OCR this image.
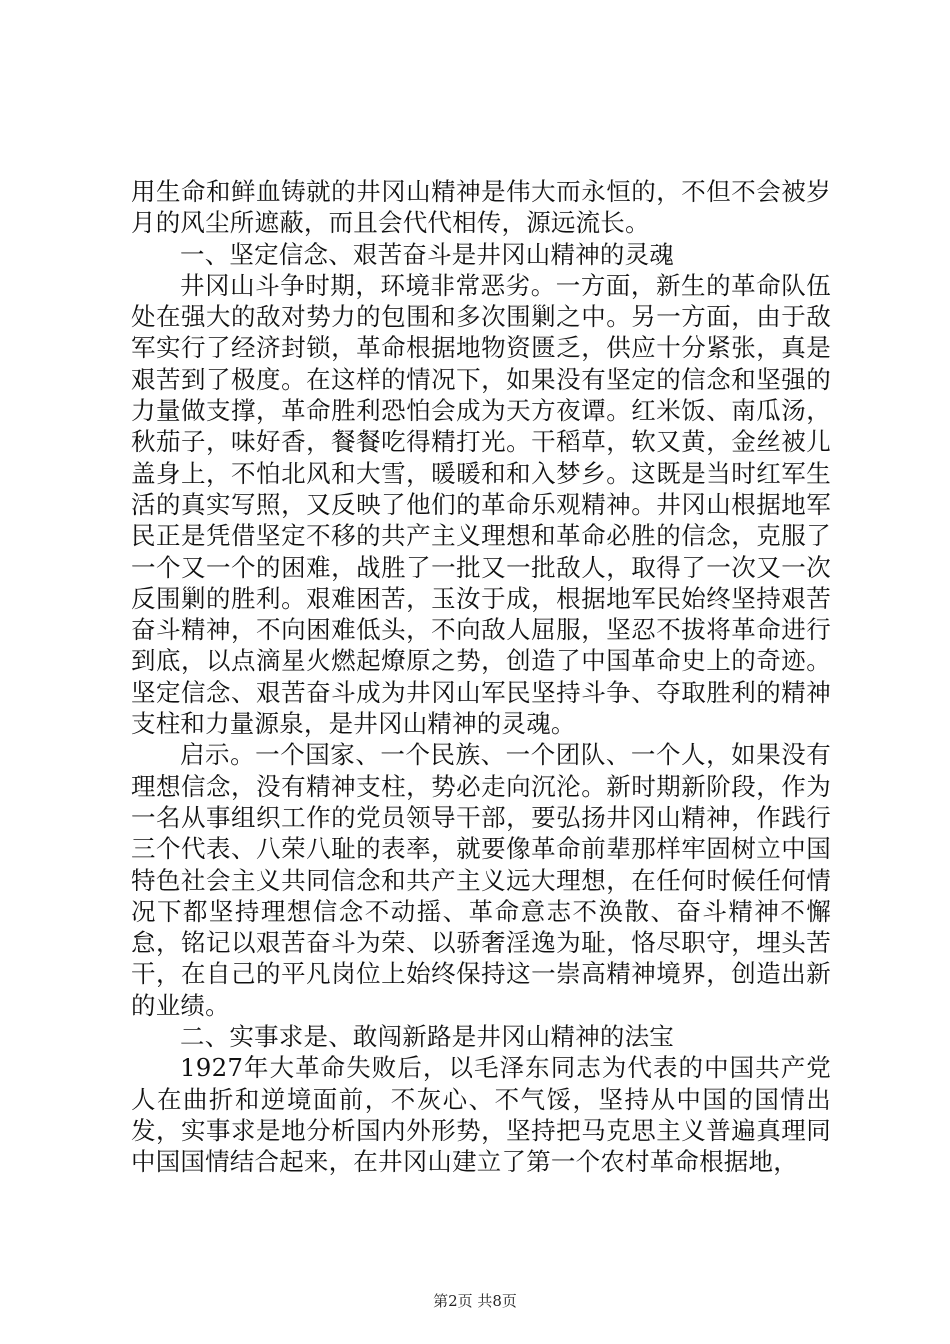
用生命和鲜血铸就的井冈山精神是伟大而永恒的，不但不会被岁月的风尘所遮蔽，而且会代代相传，源远流长。

一、坚定信念、艰苦奋斗是井冈山精神的灵魂

井冈山斗争时期，环境非常恶劣。一方面，新生的革命队伍处在强大的敌对势力的包围和多次围剿之中。另一方面，由于敌军实行了经济封锁，革命根据地物资匮乏，供应十分紧张，真是艰苦到了极度。在这样的情况下，如果没有坚定的信念和坚强的力量做支撑，革命胜利恐怕会成为天方夜谭。红米饭、南瓜汤，秋茄子，味好香，餐餐吃得精打光。干稻草，软又黄，金丝被儿盖身上，不怕北风和大雪，暖暖和和入梦乡。这既是当时红军生活的真实写照，又反映了他们的革命乐观精神。井冈山根据地军民正是凭借坚定不移的共产主义理想和革命必胜的信念，克服了一个又一个的困难，战胜了一批又一批敌人，取得了一次又一次反围剿的胜利。艰难困苦，玉汝于成，根据地军民始终坚持艰苦奋斗精神，不向困难低头，不向敌人屈服，坚忍不拔将革命进行到底，以点滴星火燃起燎原之势，创造了中国革命史上的奇迹。坚定信念、艰苦奋斗成为井冈山军民坚持斗争、夺取胜利的精神支柱和力量源泉，是井冈山精神的灵魂。

启示。一个国家、一个民族、一个团队、一个人，如果没有理想信念，没有精神支柱，势必走向沉沦。新时期新阶段，作为一名从事组织工作的党员领导干部，要弘扬井冈山精神，作践行三个代表、八荣八耻的表率，就要像革命前辈那样牢固树立中国特色社会主义共同信念和共产主义远大理想，在任何时候任何情况下都坚持理想信念不动摇、革命意志不涣散、奋斗精神不懈怠，铭记以艰苦奋斗为荣、以骄奢淫逸为耻，恪尽职守，埋头苦干，在自己的平凡岗位上始终保持这一崇高精神境界，创造出新的业绩。

二、实事求是、敢闯新路是井冈山精神的法宝

1927年大革命失败后，以毛泽东同志为代表的中国共产党人在曲折和逆境面前，不灰心、不气馁，坚持从中国的国情出发，实事求是地分析国内外形势，坚持把马克思主义普遍真理同中国国情结合起来，在井冈山建立了第一个农村革命根据地，

第2页 共8页
